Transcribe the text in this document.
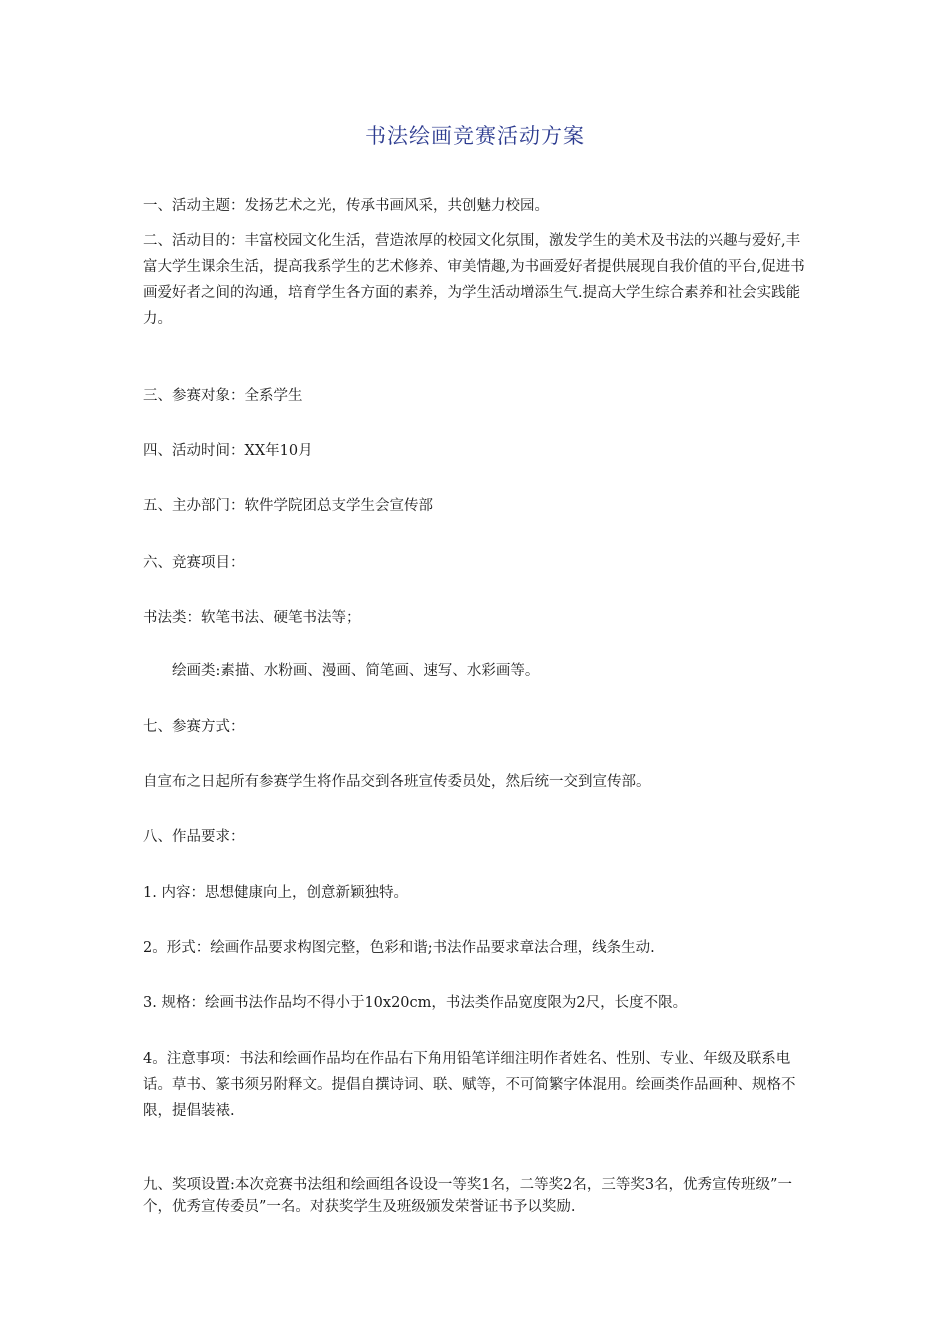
书法绘画竞赛活动方案

一、活动主题：发扬艺术之光，传承书画风采，共创魅力校园。

二、活动目的：丰富校园文化生活，营造浓厚的校园文化氛围，激发学生的美术及书法的兴趣与爱好,丰富大学生课余生活，提高我系学生的艺术修养、审美情趣,为书画爱好者提供展现自我价值的平台,促进书画爱好者之间的沟通，培育学生各方面的素养，为学生活动增添生气.提高大学生综合素养和社会实践能力。

三、参赛对象：全系学生

四、活动时间：XX年10月

五、主办部门：软件学院团总支学生会宣传部

六、竞赛项目：

书法类：软笔书法、硬笔书法等；

绘画类:素描、水粉画、漫画、简笔画、速写、水彩画等。

七、参赛方式：

自宣布之日起所有参赛学生将作品交到各班宣传委员处，然后统一交到宣传部。

八、作品要求：

1. 内容：思想健康向上，创意新颖独特。

2。形式：绘画作品要求构图完整，色彩和谐;书法作品要求章法合理，线条生动.

3. 规格：绘画书法作品均不得小于10x20cm，书法类作品宽度限为2尺，长度不限。

4。注意事项：书法和绘画作品均在作品右下角用铅笔详细注明作者姓名、性别、专业、年级及联系电话。草书、篆书须另附释文。提倡自撰诗词、联、赋等，不可简繁字体混用。绘画类作品画种、规格不限，提倡装裱.

九、奖项设置:本次竞赛书法组和绘画组各设设一等奖1名，二等奖2名，三等奖3名，优秀宣传班级”一个，优秀宣传委员”一名。对获奖学生及班级颁发荣誉证书予以奖励.
